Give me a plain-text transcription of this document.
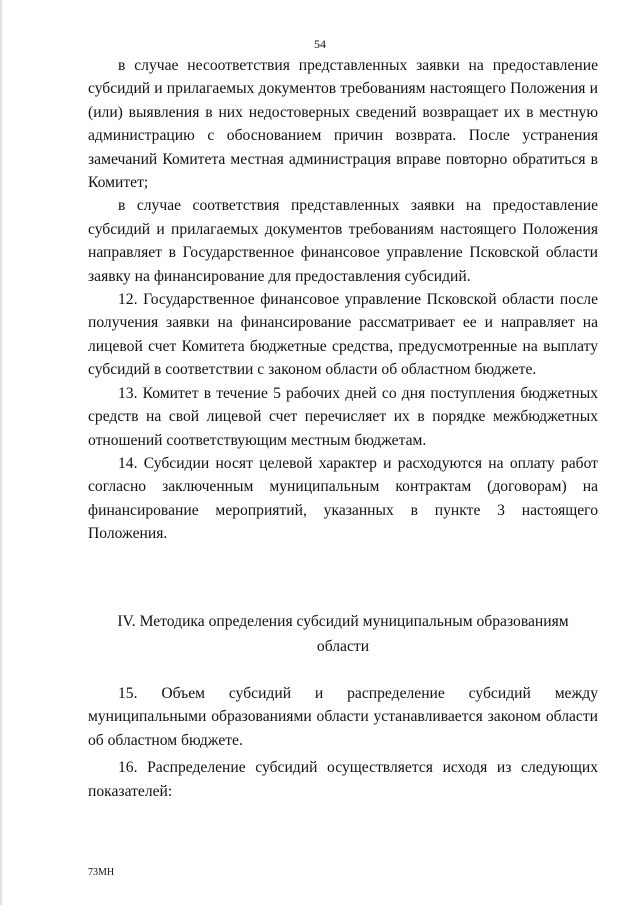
54

в случае несоответствия представленных заявки на предоставление субсидий и прилагаемых документов требованиям настоящего Положения и (или) выявления в них недостоверных сведений возвращает их в местную администрацию с обоснованием причин возврата. После устранения замечаний Комитета местная администрация вправе повторно обратиться в Комитет;

в случае соответствия представленных заявки на предоставление субсидий и прилагаемых документов требованиям настоящего Положения направляет в Государственное финансовое управление Псковской области заявку на финансирование для предоставления субсидий.

12. Государственное финансовое управление Псковской области после получения заявки на финансирование рассматривает ее и направляет на лицевой счет Комитета бюджетные средства, предусмотренные на выплату субсидий в соответствии с законом области об областном бюджете.

13. Комитет в течение 5 рабочих дней со дня поступления бюджетных средств на свой лицевой счет перечисляет их в порядке межбюджетных отношений соответствующим местным бюджетам.

14. Субсидии носят целевой характер и расходуются на оплату работ согласно заключенным муниципальным контрактам (договорам) на финансирование мероприятий, указанных в пункте 3 настоящего Положения.

IV. Методика определения субсидий муниципальным образованиям
области

15. Объем субсидий и распределение субсидий между муниципальными образованиями области устанавливается законом области об областном бюджете.

16. Распределение субсидий осуществляется исходя из следующих показателей:

73МН
